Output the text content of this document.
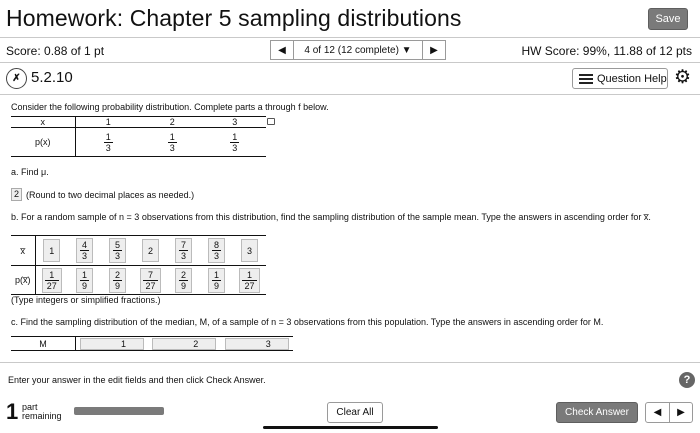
Homework: Chapter 5 sampling distributions	Save
Score: 0.88 of 1 pt	◀	4 of 12 (12 complete) ▼	▶	HW Score: 99%, 11.88 of 12 pts
✗ 5.2.10	Question Help ⚙
Consider the following probability distribution. Complete parts a through f below.
x	1	2	3
p(x)	$\frac{1}{3}$	$\frac{1}{3}$	$\frac{1}{3}$
a. Find μ.
2 (Round to two decimal places as needed.)
b. For a random sample of n = 3 observations from this distribution, find the sampling distribution of the sample mean. Type the answers in ascending order for x̅.
x̅	1	$\frac{4}{3}$	$\frac{5}{3}$	2	$\frac{7}{3}$	$\frac{8}{3}$	3

p(x̅)	$\frac{1}{27}$	$\frac{1}{9}$	$\frac{2}{9}$	$\frac{7}{27}$	$\frac{2}{9}$	$\frac{1}{9}$	$\frac{1}{27}$
(Type integers or simplified fractions.)
c. Find the sampling distribution of the median, M, of a sample of n = 3 observations from this population. Type the answers in ascending order for M.
M	1	2	3
Enter your answer in the edit fields and then click Check Answer.	?
1 part
remaining	Clear All	Check Answer	◀ ▶
